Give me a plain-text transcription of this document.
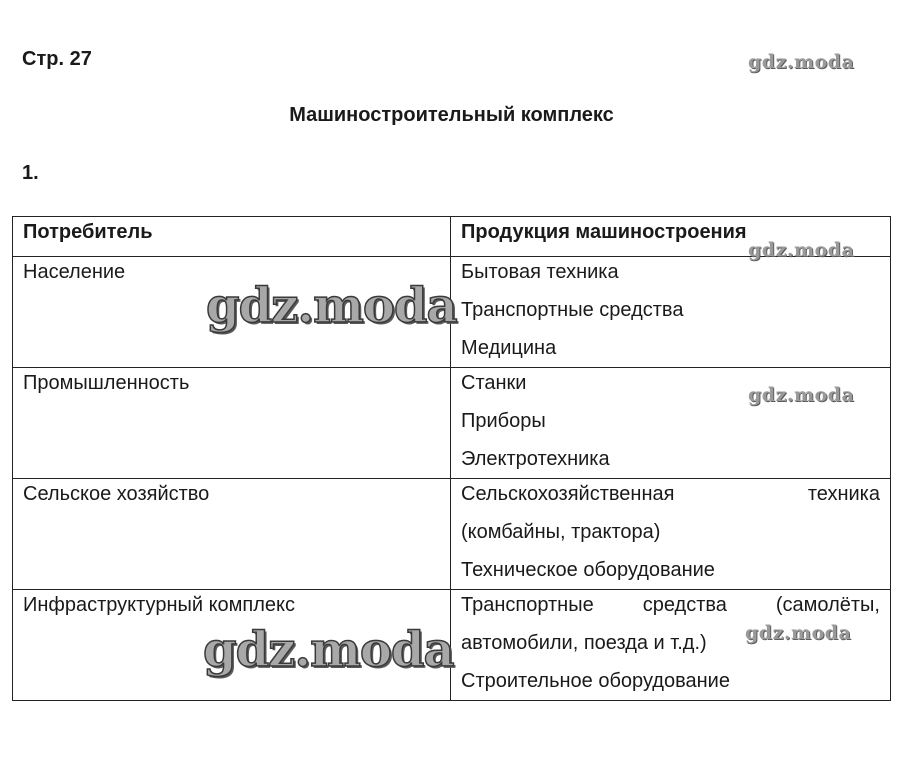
Стр. 27
Машиностроительный комплекс
1.
Потребитель	Продукция машиностроения
Население	Бытовая техника
Транспортные средства
Медицина

Промышленность	Станки
Приборы
Электротехника

Сельское хозяйство	Сельскохозяйственная техника
(комбайны, трактора)
Техническое оборудование

Инфраструктурный комплекс	Транспортные средства (самолёты,
автомобили, поезда и т.д.)
Строительное оборудование
gdz.moda
gdz.moda
gdz.moda
gdz.moda
gdz.moda
gdz.moda
